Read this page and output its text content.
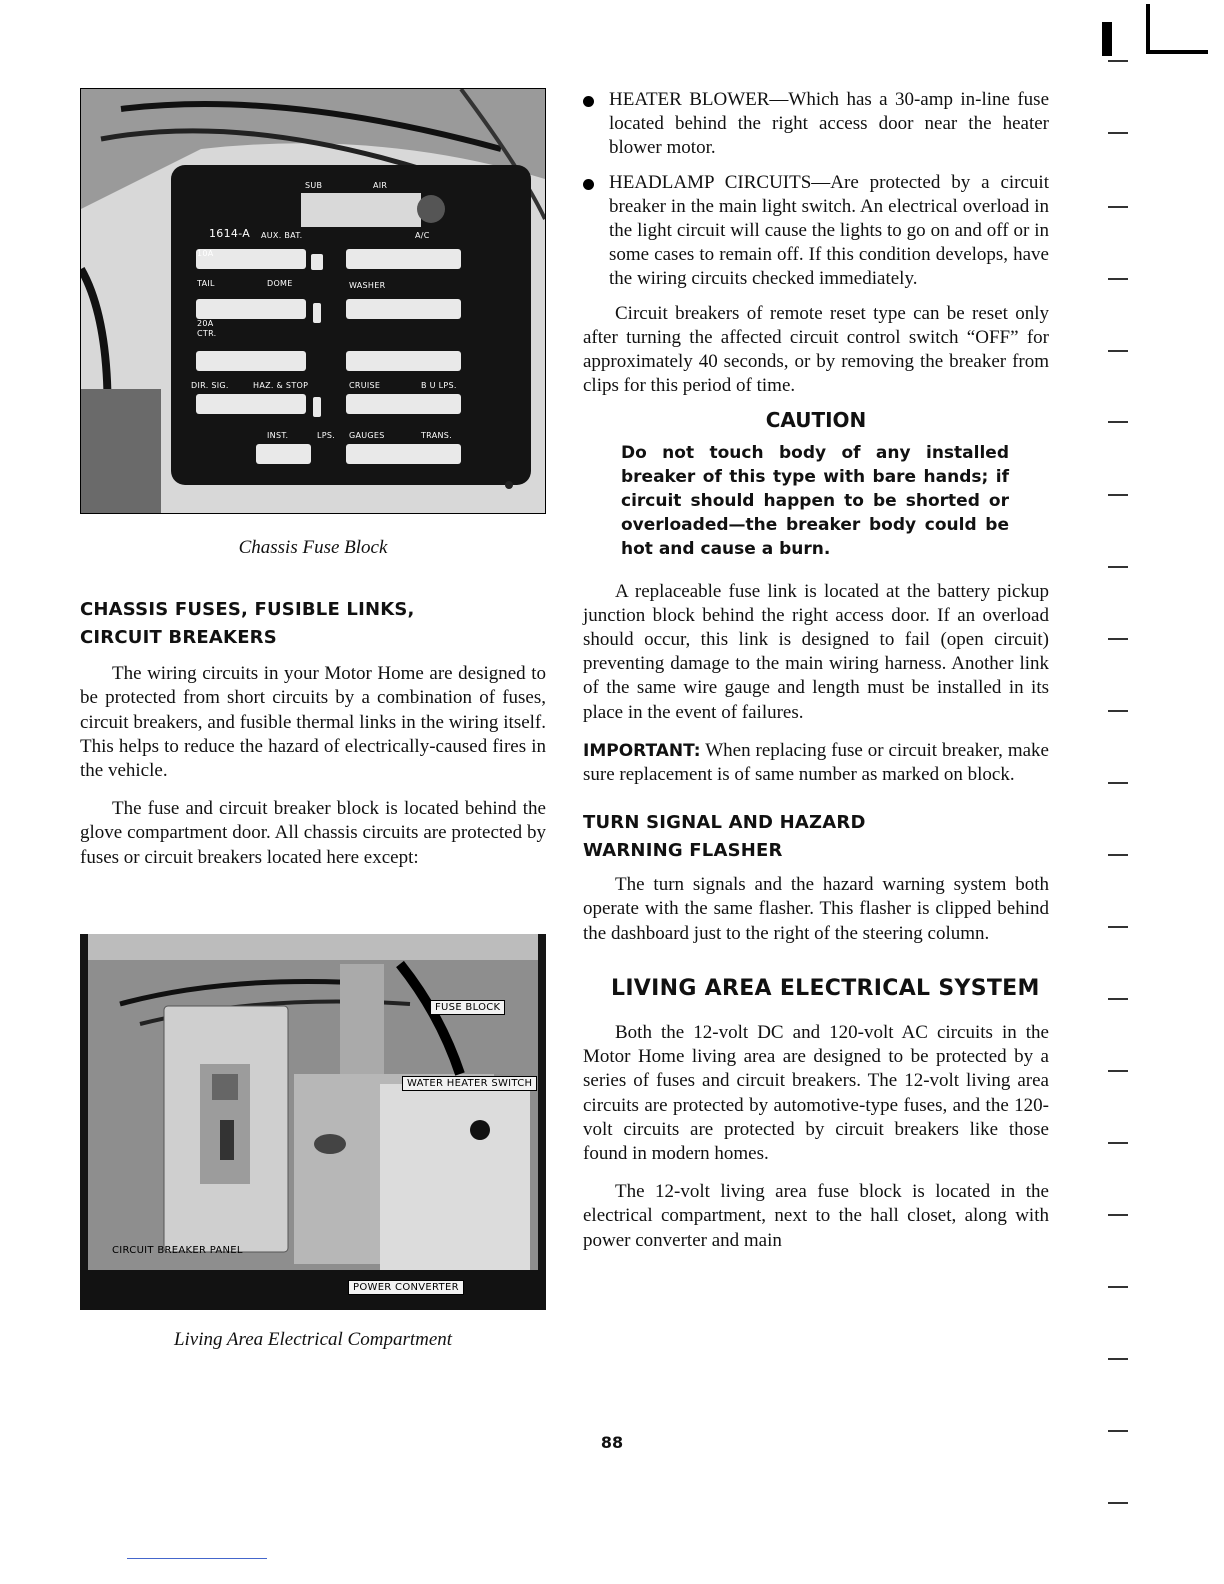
1614-A AUX. BAT.	A/C
TAIL	DOME	WASHER
CTR.
DIR. SIG.	HAZ. & STOP	CRUISE	B U LPS.
INST.	LPS. GAUGES	TRANS.
SUB	AIR
20A
10A

Chassis Fuse Block

CHASSIS FUSES, FUSIBLE LINKS,
CIRCUIT BREAKERS

The wiring circuits in your Motor Home are designed to be protected from short circuits by a combination of fuses, circuit breakers, and fusible thermal links in the wiring itself. This helps to reduce the hazard of electrically-caused fires in the vehicle.

The fuse and circuit breaker block is located behind the glove compartment door. All chassis circuits are protected by fuses or circuit breakers located here except:

FUSE BLOCK
WATER HEATER SWITCH
CIRCUIT BREAKER PANEL
POWER CONVERTER

Living Area Electrical Compartment

HEATER BLOWER—Which has a 30-amp in-line fuse located behind the right access door near the heater blower motor.

HEADLAMP CIRCUITS—Are protected by a circuit breaker in the main light switch. An electrical overload in the light circuit will cause the lights to go on and off or in some cases to remain off. If this condition develops, have the wiring circuits checked immediately.

Circuit breakers of remote reset type can be reset only after turning the affected circuit control switch “OFF” for approximately 40 seconds, or by removing the breaker from clips for this period of time.

CAUTION

Do not touch body of any installed breaker of this type with bare hands; if circuit should happen to be shorted or overloaded—the breaker body could be hot and cause a burn.

A replaceable fuse link is located at the battery pickup junction block behind the right access door. If an overload should occur, this link is designed to fail (open circuit) preventing damage to the main wiring harness. Another link of the same wire gauge and length must be installed in its place in the event of failures.

IMPORTANT: When replacing fuse or circuit breaker, make sure replacement is of same number as marked on block.

TURN SIGNAL AND HAZARD
WARNING FLASHER

The turn signals and the hazard warning system both operate with the same flasher. This flasher is clipped behind the dashboard just to the right of the steering column.

LIVING AREA ELECTRICAL SYSTEM

Both the 12-volt DC and 120-volt AC circuits in the Motor Home living area are designed to be protected by a series of fuses and circuit breakers. The 12-volt living area circuits are protected by automotive-type fuses, and the 120-volt circuits are protected by circuit breakers like those found in modern homes.

The 12-volt living area fuse block is located in the electrical compartment, next to the hall closet, along with power converter and main

88
